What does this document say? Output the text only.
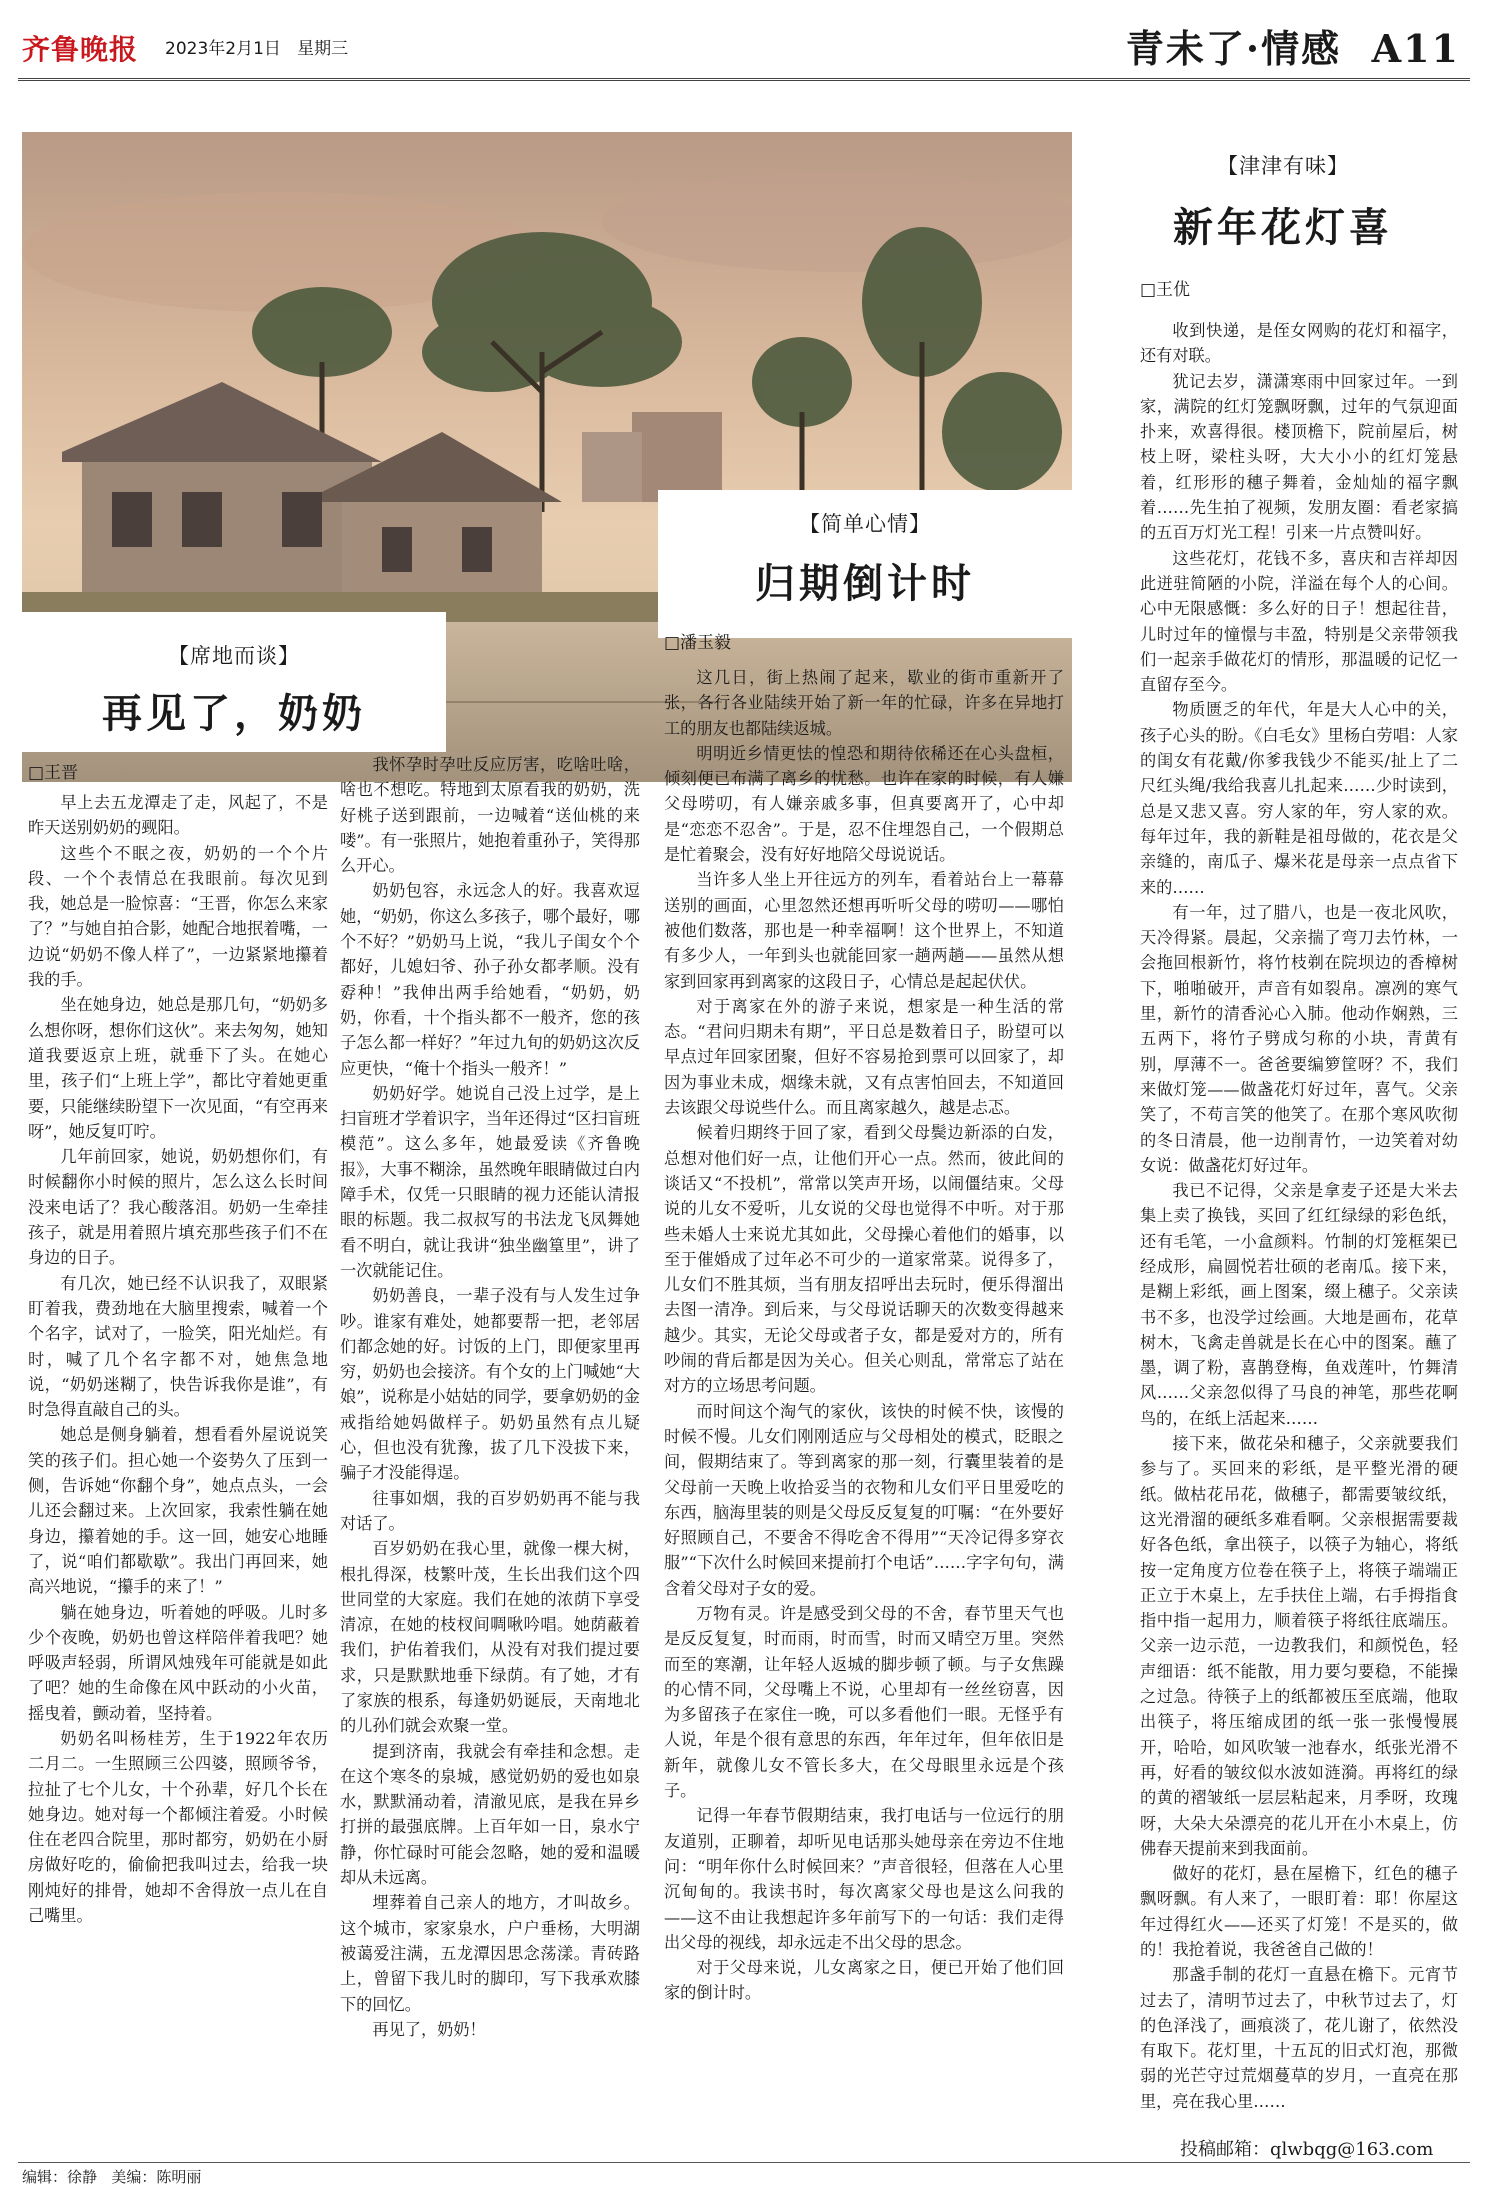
齐鲁晚报 2023年2月1日 星期三	青未了·情感 A11
【席地而谈】
再见了，奶奶
□王晋

早上去五龙潭走了走，风起了，不是昨天送别奶奶的觋阳。

这些个不眠之夜，奶奶的一个个片段、一个个表情总在我眼前。每次见到我，她总是一脸惊喜：“王晋，你怎么来家了？”与她自拍合影，她配合地抿着嘴，一边说“奶奶不像人样了”，一边紧紧地攥着我的手。

坐在她身边，她总是那几句，“奶奶多么想你呀，想你们这伙”。来去匆匆，她知道我要返京上班，就垂下了头。在她心里，孩子们“上班上学”，都比守着她更重要，只能继续盼望下一次见面，“有空再来呀”，她反复叮咛。

几年前回家，她说，奶奶想你们，有时候翻你小时候的照片，怎么这么长时间没来电话了？我心酸落泪。奶奶一生牵挂孩子，就是用着照片填充那些孩子们不在身边的日子。

有几次，她已经不认识我了，双眼紧盯着我，费劲地在大脑里搜索，喊着一个个名字，试对了，一脸笑，阳光灿烂。有时，喊了几个名字都不对，她焦急地说，“奶奶迷糊了，快告诉我你是谁”，有时急得直敲自己的头。

她总是侧身躺着，想看看外屋说说笑笑的孩子们。担心她一个姿势久了压到一侧，告诉她“你翻个身”，她点点头，一会儿还会翻过来。上次回家，我索性躺在她身边，攥着她的手。这一回，她安心地睡了，说“咱们都歇歇”。我出门再回来，她高兴地说，“攥手的来了！”

躺在她身边，听着她的呼吸。儿时多少个夜晚，奶奶也曾这样陪伴着我吧？她呼吸声轻弱，所谓风烛残年可能就是如此了吧？她的生命像在风中跃动的小火苗，摇曳着，颤动着，坚持着。

奶奶名叫杨桂芳，生于1922年农历二月二。一生照顾三公四婆，照顾爷爷，拉扯了七个儿女，十个孙辈，好几个长在她身边。她对每一个都倾注着爱。小时候住在老四合院里，那时都穷，奶奶在小厨房做好吃的，偷偷把我叫过去，给我一块刚炖好的排骨，她却不舍得放一点儿在自己嘴里。

我怀孕时孕吐反应厉害，吃啥吐啥，啥也不想吃。特地到太原看我的奶奶，洗好桃子送到跟前，一边喊着“送仙桃的来喽”。有一张照片，她抱着重孙子，笑得那么开心。

奶奶包容，永远念人的好。我喜欢逗她，“奶奶，你这么多孩子，哪个最好，哪个不好？”奶奶马上说，“我儿子闺女个个都好，儿媳妇爷、孙子孙女都孝顺。没有孬种！”我伸出两手给她看，“奶奶，奶奶，你看，十个指头都不一般齐，您的孩子怎么都一样好？”年过九旬的奶奶这次反应更快，“俺十个指头一般齐！”

奶奶好学。她说自己没上过学，是上扫盲班才学着识字，当年还得过“区扫盲班模范”。这么多年，她最爱读《齐鲁晚报》，大事不糊涂，虽然晚年眼睛做过白内障手术，仅凭一只眼睛的视力还能认清报眼的标题。我二叔叔写的书法龙飞凤舞她看不明白，就让我讲“独坐幽篁里”，讲了一次就能记住。

奶奶善良，一辈子没有与人发生过争吵。谁家有难处，她都要帮一把，老邻居们都念她的好。讨饭的上门，即便家里再穷，奶奶也会接济。有个女的上门喊她“大娘”，说称是小姑姑的同学，要拿奶奶的金戒指给她妈做样子。奶奶虽然有点儿疑心，但也没有犹豫，拔了几下没拔下来，骗子才没能得逞。

往事如烟，我的百岁奶奶再不能与我对话了。

百岁奶奶在我心里，就像一棵大树，根扎得深，枝繁叶茂，生长出我们这个四世同堂的大家庭。我们在她的浓荫下享受清凉，在她的枝杈间啁啾吟唱。她荫蔽着我们，护佑着我们，从没有对我们提过要求，只是默默地垂下绿荫。有了她，才有了家族的根系，每逢奶奶诞辰，天南地北的儿孙们就会欢聚一堂。

提到济南，我就会有牵挂和念想。走在这个寒冬的泉城，感觉奶奶的爱也如泉水，默默涌动着，清澈见底，是我在异乡打拼的最强底牌。上百年如一日，泉水宁静，你忙碌时可能会忽略，她的爱和温暖却从未远离。

埋葬着自己亲人的地方，才叫故乡。这个城市，家家泉水，户户垂杨，大明湖被蔼爱注满，五龙潭因思念荡漾。青砖路上，曾留下我儿时的脚印，写下我承欢膝下的回忆。

再见了，奶奶！

【简单心情】
归期倒计时
□潘玉毅

这几日，街上热闹了起来，歇业的街市重新开了张，各行各业陆续开始了新一年的忙碌，许多在异地打工的朋友也都陆续返城。

明明近乡情更怯的惶恐和期待依稀还在心头盘桓，倾刻便已布满了离乡的忧愁。也许在家的时候，有人嫌父母唠叨，有人嫌亲戚多事，但真要离开了，心中却是“恋恋不忍舍”。于是，忍不住埋怨自己，一个假期总是忙着聚会，没有好好地陪父母说说话。

当许多人坐上开往远方的列车，看着站台上一幕幕送别的画面，心里忽然还想再听听父母的唠叨——哪怕被他们数落，那也是一种幸福啊！这个世界上，不知道有多少人，一年到头也就能回家一趟两趟——虽然从想家到回家再到离家的这段日子，心情总是起起伏伏。

对于离家在外的游子来说，想家是一种生活的常态。“君问归期未有期”，平日总是数着日子，盼望可以早点过年回家团聚，但好不容易抢到票可以回家了，却因为事业未成，烟缘未就，又有点害怕回去，不知道回去该跟父母说些什么。而且离家越久，越是忐忑。

候着归期终于回了家，看到父母鬓边新添的白发，总想对他们好一点，让他们开心一点。然而，彼此间的谈话又“不投机”，常常以笑声开场，以闹僵结束。父母说的儿女不爱听，儿女说的父母也觉得不中听。对于那些未婚人士来说尤其如此，父母操心着他们的婚事，以至于催婚成了过年必不可少的一道家常菜。说得多了，儿女们不胜其烦，当有朋友招呼出去玩时，便乐得溜出去图一清净。到后来，与父母说话聊天的次数变得越来越少。其实，无论父母或者子女，都是爱对方的，所有吵闹的背后都是因为关心。但关心则乱，常常忘了站在对方的立场思考问题。

而时间这个淘气的家伙，该快的时候不快，该慢的时候不慢。儿女们刚刚适应与父母相处的模式，眨眼之间，假期结束了。等到离家的那一刻，行囊里装着的是父母前一天晚上收拾妥当的衣物和儿女们平日里爱吃的东西，脑海里装的则是父母反反复复的叮嘱：“在外要好好照顾自己，不要舍不得吃舍不得用”“天冷记得多穿衣服”“下次什么时候回来提前打个电话”……字字句句，满含着父母对子女的爱。

万物有灵。许是感受到父母的不舍，春节里天气也是反反复复，时而雨，时而雪，时而又晴空万里。突然而至的寒潮，让年轻人返城的脚步顿了顿。与子女焦躁的心情不同，父母嘴上不说，心里却有一丝丝窃喜，因为多留孩子在家住一晚，可以多看他们一眼。无怪乎有人说，年是个很有意思的东西，年年过年，但年依旧是新年，就像儿女不管长多大，在父母眼里永远是个孩子。

记得一年春节假期结束，我打电话与一位远行的朋友道别，正聊着，却听见电话那头她母亲在旁边不住地问：“明年你什么时候回来？”声音很轻，但落在人心里沉甸甸的。我读书时，每次离家父母也是这么问我的——这不由让我想起许多年前写下的一句话：我们走得出父母的视线，却永远走不出父母的思念。

对于父母来说，儿女离家之日，便已开始了他们回家的倒计时。

【津津有味】
新年花灯喜
□王优

收到快递，是侄女网购的花灯和福字，还有对联。

犹记去岁，潇潇寒雨中回家过年。一到家，满院的红灯笼飘呀飘，过年的气氛迎面扑来，欢喜得很。楼顶檐下，院前屋后，树枝上呀，梁柱头呀，大大小小的红灯笼悬着，红形形的穗子舞着，金灿灿的福字飘着……先生拍了视频，发朋友圈：看老家搞的五百万灯光工程！引来一片点赞叫好。

这些花灯，花钱不多，喜庆和吉祥却因此迸驻简陋的小院，洋溢在每个人的心间。心中无限感慨：多么好的日子！想起往昔，儿时过年的憧憬与丰盈，特别是父亲带领我们一起亲手做花灯的情形，那温暖的记忆一直留存至今。

物质匮乏的年代，年是大人心中的关，孩子心头的盼。《白毛女》里杨白劳唱：人家的闺女有花戴/你爹我钱少不能买/扯上了二尺红头绳/我给我喜儿扎起来……少时读到，总是又悲又喜。穷人家的年，穷人家的欢。每年过年，我的新鞋是祖母做的，花衣是父亲缝的，南瓜子、爆米花是母亲一点点省下来的……

有一年，过了腊八，也是一夜北风吹，天冷得紧。晨起，父亲揣了弯刀去竹林，一会拖回根新竹，将竹枝剃在院坝边的香樟树下，啪啪破开，声音有如裂帛。凛冽的寒气里，新竹的清香沁心入肺。他动作娴熟，三五两下，将竹子劈成匀称的小块，青黄有别，厚薄不一。爸爸要编箩筐呀？不，我们来做灯笼——做盏花灯好过年，喜气。父亲笑了，不苟言笑的他笑了。在那个寒风吹彻的冬日清晨，他一边削青竹，一边笑着对幼女说：做盏花灯好过年。

我已不记得，父亲是拿麦子还是大米去集上卖了换钱，买回了红红绿绿的彩色纸，还有毛笔，一小盒颜料。竹制的灯笼框架已经成形，扁圆悦若壮硕的老南瓜。接下来，是糊上彩纸，画上图案，缀上穗子。父亲读书不多，也没学过绘画。大地是画布，花草树木，飞禽走兽就是长在心中的图案。蘸了墨，调了粉，喜鹊登梅，鱼戏莲叶，竹舞清风……父亲忽似得了马良的神笔，那些花啊鸟的，在纸上活起来……

接下来，做花朵和穗子，父亲就要我们参与了。买回来的彩纸，是平整光滑的硬纸。做枯花吊花，做穗子，都需要皱纹纸，这光滑溜的硬纸多难看啊。父亲根据需要裁好各色纸，拿出筷子，以筷子为轴心，将纸按一定角度方位卷在筷子上，将筷子端端正正立于木桌上，左手扶住上端，右手拇指食指中指一起用力，顺着筷子将纸往底端压。父亲一边示范，一边教我们，和颜悦色，轻声细语：纸不能散，用力要匀要稳，不能操之过急。待筷子上的纸都被压至底端，他取出筷子，将压缩成团的纸一张一张慢慢展开，哈哈，如风吹皱一池春水，纸张光滑不再，好看的皱纹似水波如涟漪。再将红的绿的黄的褶皱纸一层层粘起来，月季呀，玫瑰呀，大朵大朵漂亮的花儿开在小木桌上，仿佛春天提前来到我面前。

做好的花灯，悬在屋檐下，红色的穗子飘呀飘。有人来了，一眼盯着：耶！你屋这年过得红火——还买了灯笼！不是买的，做的！我抢着说，我爸爸自己做的！

那盏手制的花灯一直悬在檐下。元宵节过去了，清明节过去了，中秋节过去了，灯的色泽浅了，画痕淡了，花儿谢了，依然没有取下。花灯里，十五瓦的旧式灯泡，那微弱的光芒守过荒烟蔓草的岁月，一直亮在那里，亮在我心里……

投稿邮箱：qlwbqg@163.com
编辑：徐静 美编：陈明丽
